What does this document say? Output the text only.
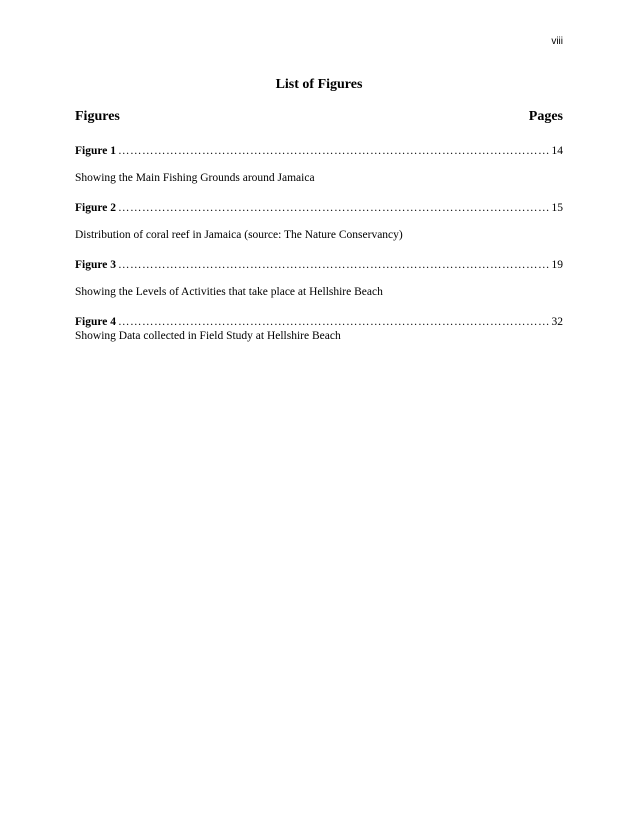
viii
List of Figures
Figures	Pages
Figure 1 ……………………………………………………………………………………………………………………………………………………………………	14
Showing the Main Fishing Grounds around Jamaica
Figure 2 ……………………………………………………………………………………………………………………………………………………………………	15
Distribution of coral reef in Jamaica (source: The Nature Conservancy)
Figure 3 ……………………………………………………………………………………………………………………………………………………………………	19
Showing the Levels of Activities that take place at Hellshire Beach
Figure 4 ……………………………………………………………………………………………………………………………………………………………………	32
Showing Data collected in Field Study at Hellshire Beach
